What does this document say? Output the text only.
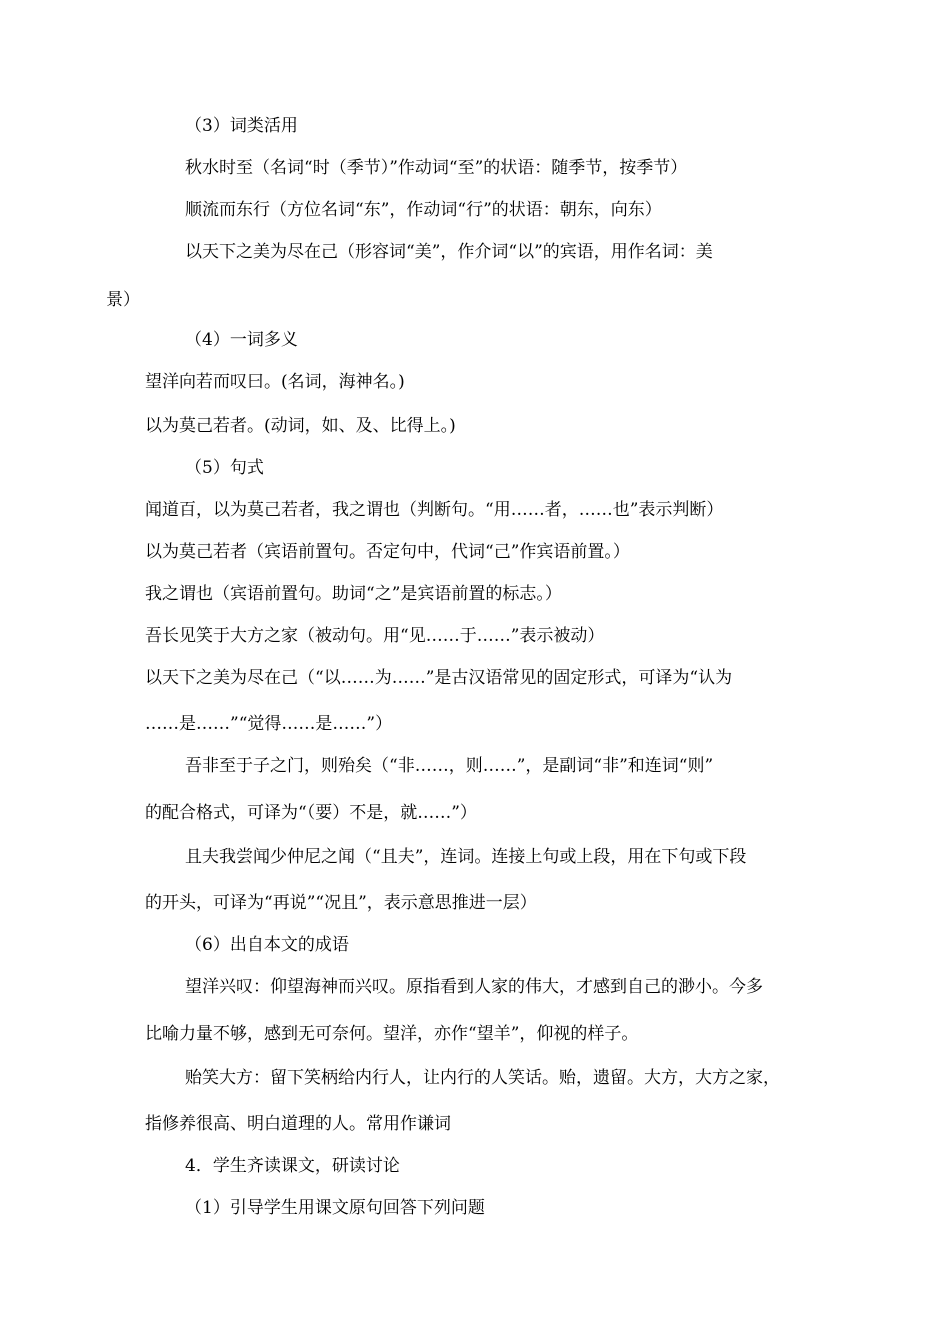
（3）词类活用
秋水时至（名词“时（季节）”作动词“至”的状语：随季节，按季节）
顺流而东行（方位名词“东”，作动词“行”的状语：朝东，向东）
以天下之美为尽在己（形容词“美”，作介词“以”的宾语，用作名词：美
景）
（4）一词多义
望洋向若而叹曰。(名词，海神名。)
以为莫己若者。(动词，如、及、比得上。)
（5）句式
闻道百，以为莫己若者，我之谓也（判断句。“用……者，……也”表示判断）
以为莫己若者（宾语前置句。否定句中，代词“己”作宾语前置。）
我之谓也（宾语前置句。助词“之”是宾语前置的标志。）
吾长见笑于大方之家（被动句。用“见……于……”表示被动）
以天下之美为尽在己（“以……为……”是古汉语常见的固定形式，可译为“认为
……是……”“觉得……是……”）
吾非至于子之门，则殆矣（“非……，则……”，是副词“非”和连词“则”
的配合格式，可译为“（要）不是，就……”）
且夫我尝闻少仲尼之闻（“且夫”，连词。连接上句或上段，用在下句或下段
的开头，可译为“再说”“况且”，表示意思推进一层）
（6）出自本文的成语
望洋兴叹：仰望海神而兴叹。原指看到人家的伟大，才感到自己的渺小。今多
比喻力量不够，感到无可奈何。望洋，亦作“望羊”，仰视的样子。
贻笑大方：留下笑柄给内行人，让内行的人笑话。贻，遗留。大方，大方之家，
指修养很高、明白道理的人。常用作谦词
4．学生齐读课文，研读讨论
（1）引导学生用课文原句回答下列问题
